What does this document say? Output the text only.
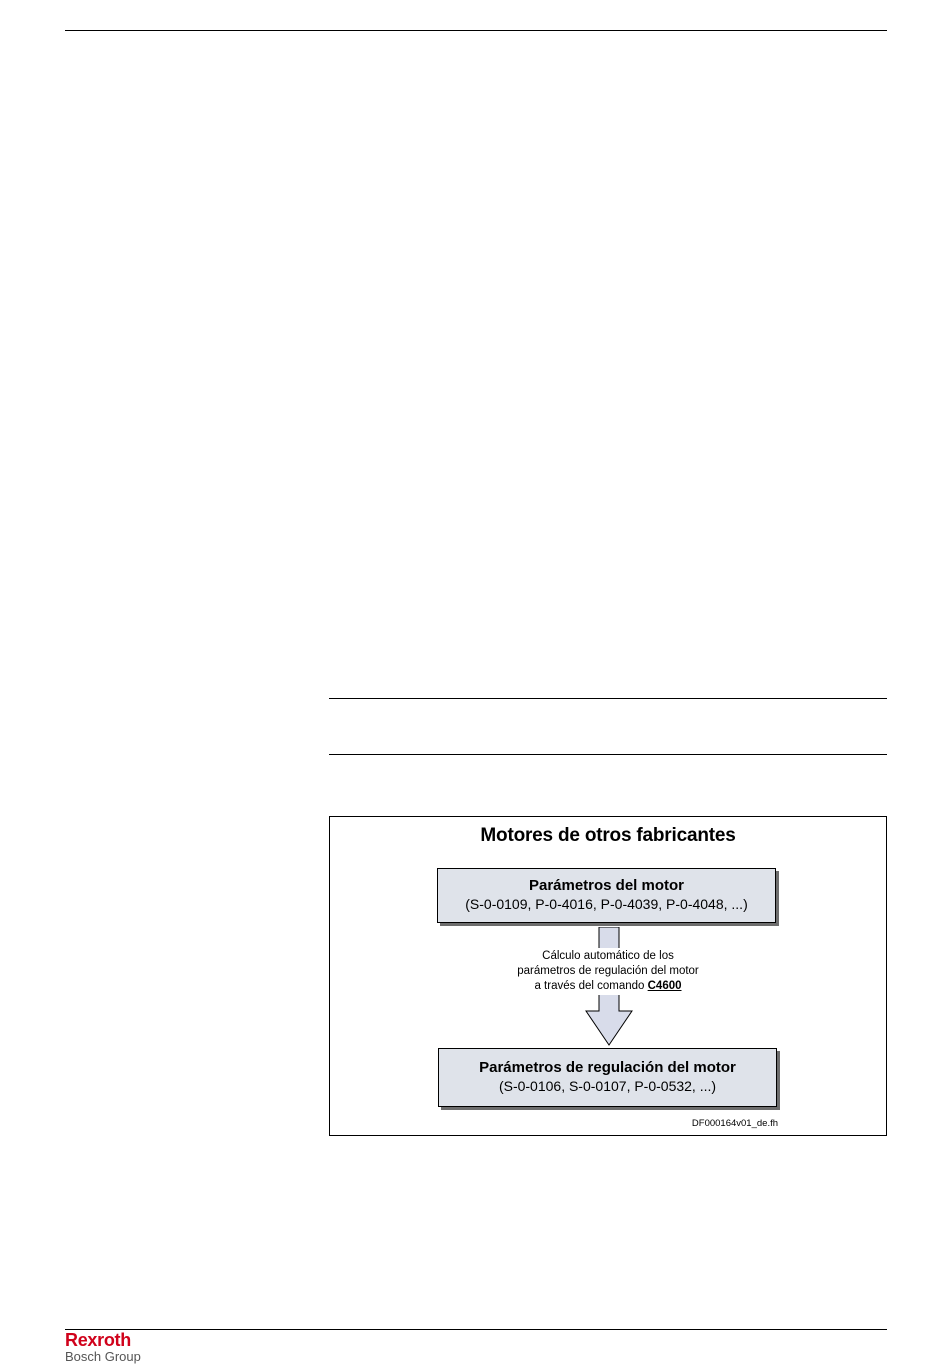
Motores de otros fabricantes
Parámetros del motor
(S-0-0109, P-0-4016, P-0-4039, P-0-4048, ...)
Cálculo automático de los
parámetros de regulación del motor
a través del comando C4600
Parámetros de regulación del motor
(S-0-0106, S-0-0107, P-0-0532, ...)
DF000164v01_de.fh
Rexroth
Bosch Group
